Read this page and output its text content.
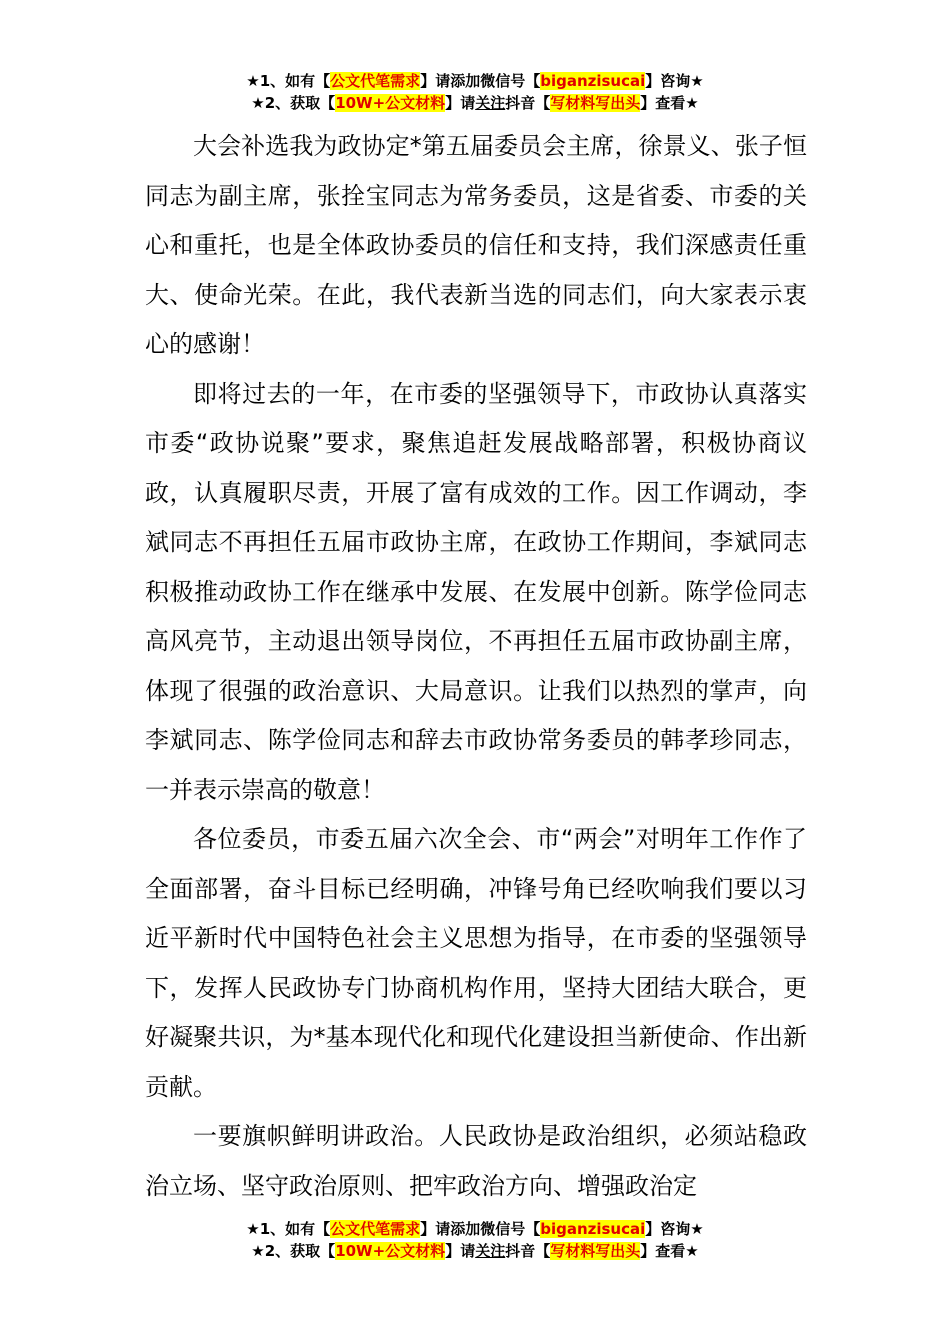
★1、如有【公文代笔需求】请添加微信号【biganzisucai】咨询★
★2、获取【10W+公文材料】请关注抖音【写材料写出头】查看★

大会补选我为政协定*第五届委员会主席，徐景义、张子恒同志为副主席，张拴宝同志为常务委员，这是省委、市委的关心和重托，也是全体政协委员的信任和支持，我们深感责任重大、使命光荣。在此，我代表新当选的同志们，向大家表示衷心的感谢！

即将过去的一年，在市委的坚强领导下，市政协认真落实市委“政协说聚”要求，聚焦追赶发展战略部署，积极协商议政，认真履职尽责，开展了富有成效的工作。因工作调动，李斌同志不再担任五届市政协主席，在政协工作期间，李斌同志积极推动政协工作在继承中发展、在发展中创新。陈学俭同志高风亮节，主动退出领导岗位，不再担任五届市政协副主席，体现了很强的政治意识、大局意识。让我们以热烈的掌声，向李斌同志、陈学俭同志和辞去市政协常务委员的韩孝珍同志，一并表示崇高的敬意！

各位委员，市委五届六次全会、市“两会”对明年工作作了全面部署，奋斗目标已经明确，冲锋号角已经吹响我们要以习近平新时代中国特色社会主义思想为指导，在市委的坚强领导下，发挥人民政协专门协商机构作用，坚持大团结大联合，更好凝聚共识，为*基本现代化和现代化建设担当新使命、作出新贡献。

一要旗帜鲜明讲政治。人民政协是政治组织，必须站稳政治立场、坚守政治原则、把牢政治方向、增强政治定

★1、如有【公文代笔需求】请添加微信号【biganzisucai】咨询★
★2、获取【10W+公文材料】请关注抖音【写材料写出头】查看★
